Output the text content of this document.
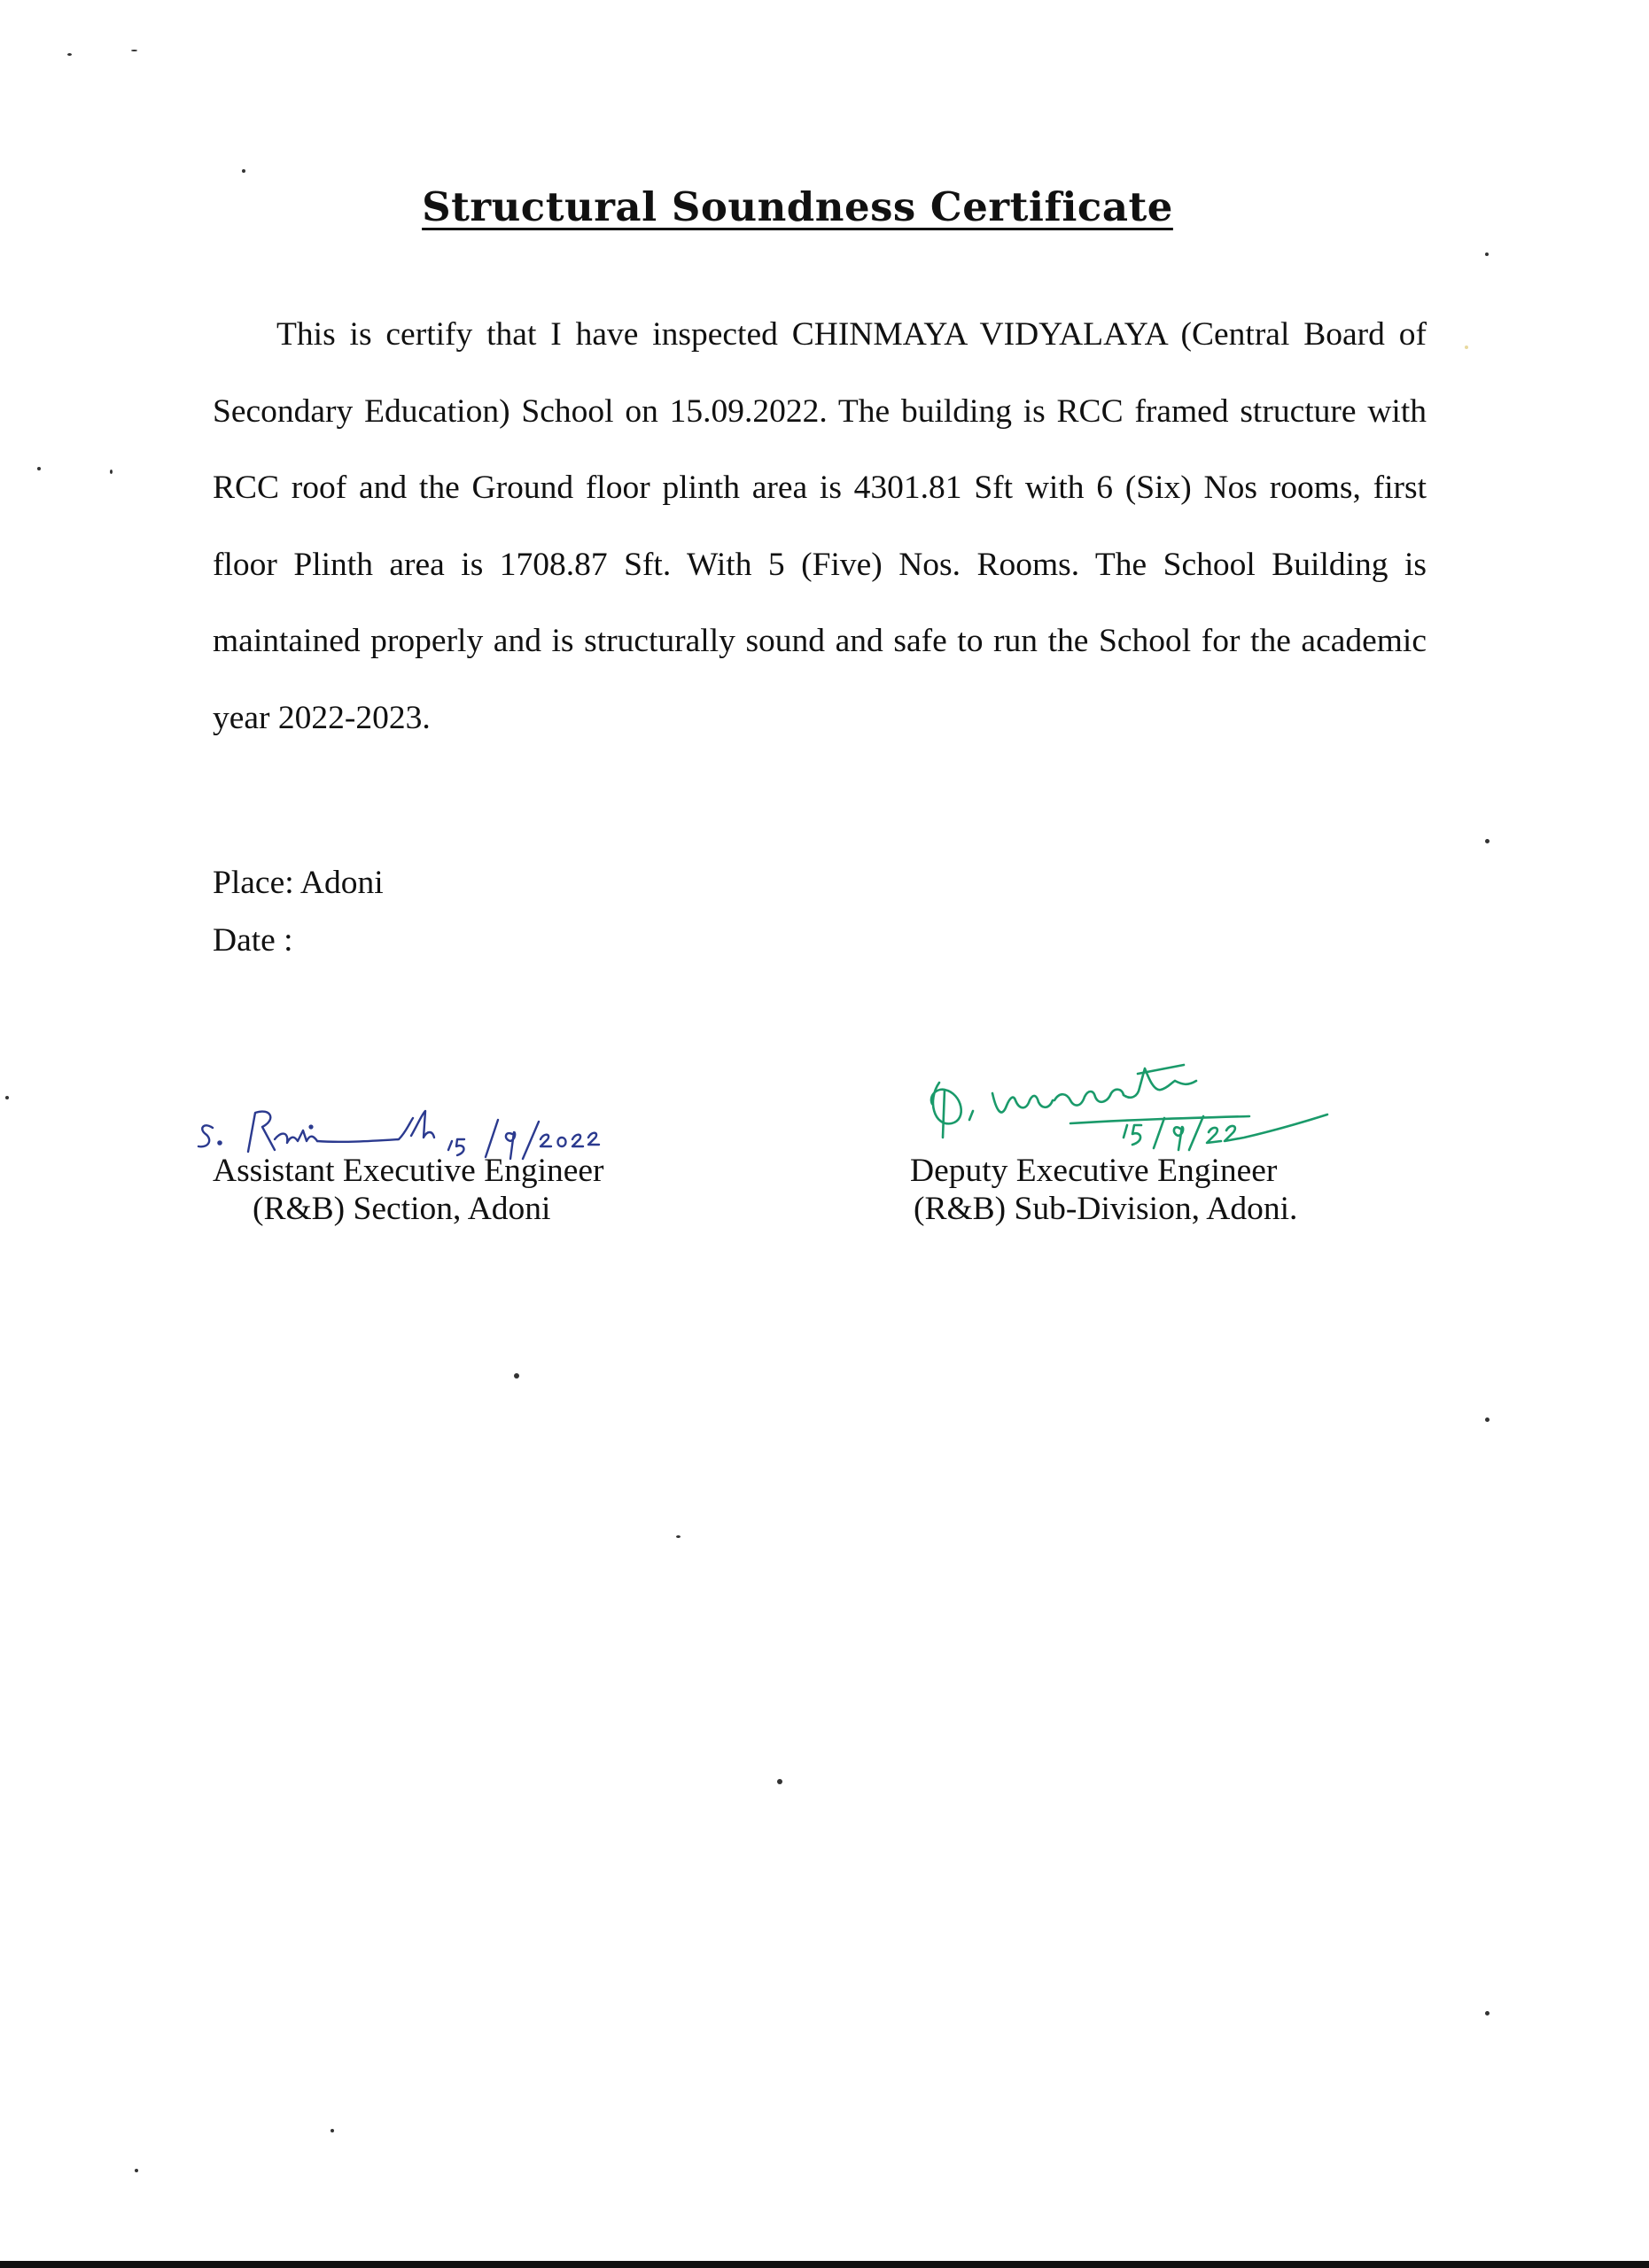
Structural Soundness Certificate

This is certify that I have inspected CHINMAYA VIDYALAYA (Central Board of Secondary Education) School on 15.09.2022. The building is RCC framed structure with RCC roof and the Ground floor plinth area is 4301.81 Sft with 6 (Six) Nos rooms, first floor Plinth area is 1708.87 Sft. With 5 (Five) Nos. Rooms. The School Building is maintained properly and is structurally sound and safe to run the School for the academic year 2022-2023.

Place: Adoni
Date :
Assistant Executive Engineer
(R&B) Section, Adoni
Deputy Executive Engineer
(R&B) Sub-Division, Adoni.
